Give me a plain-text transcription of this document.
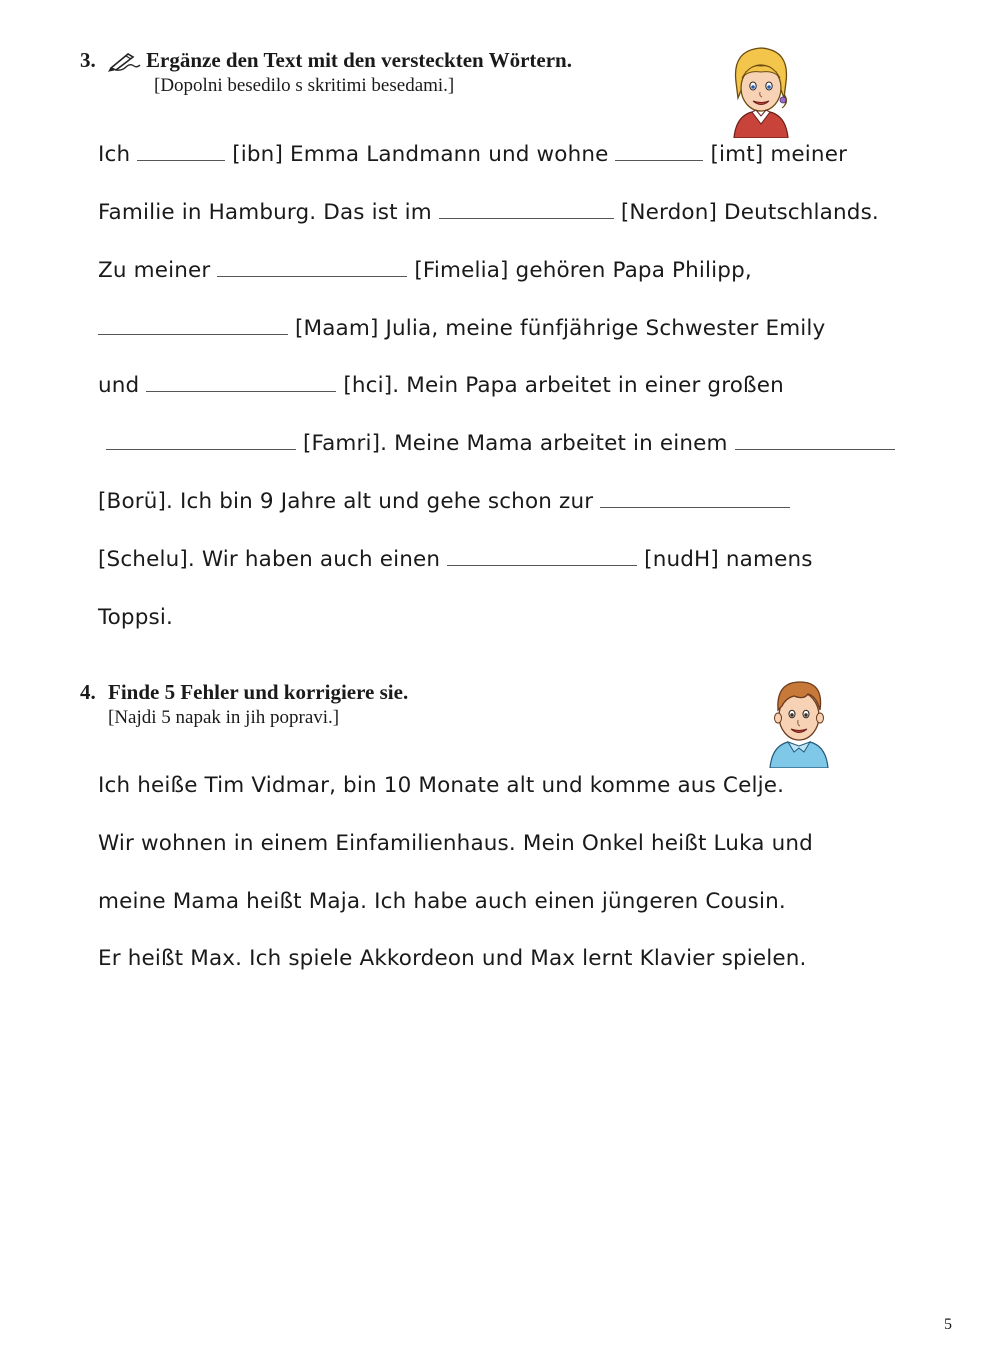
3.	Ergänze den Text mit den versteckten Wörtern.
[Dopolni besedilo s skritimi besedami.]
Ich	[ibn] Emma Landmann und wohne	[imt] meiner
Familie in Hamburg. Das ist im	[Nerdon] Deutschlands.
Zu meiner	[Fimelia] gehören Papa Philipp,
[Maam] Julia, meine fünfjährige Schwester Emily
und	[hci]. Mein Papa arbeitet in einer großen
[Famri]. Meine Mama arbeitet in einem
[Borü]. Ich bin 9 Jahre alt und gehe schon zur
[Schelu]. Wir haben auch einen	[nudH] namens
Toppsi.
4. Finde 5 Fehler und korrigiere sie.
[Najdi 5 napak in jih popravi.]
Ich heiße Tim Vidmar, bin 10 Monate alt und komme aus Celje.
Wir wohnen in einem Einfamilienhaus. Mein Onkel heißt Luka und
meine Mama heißt Maja. Ich habe auch einen jüngeren Cousin.
Er heißt Max. Ich spiele Akkordeon und Max lernt Klavier spielen.
5
